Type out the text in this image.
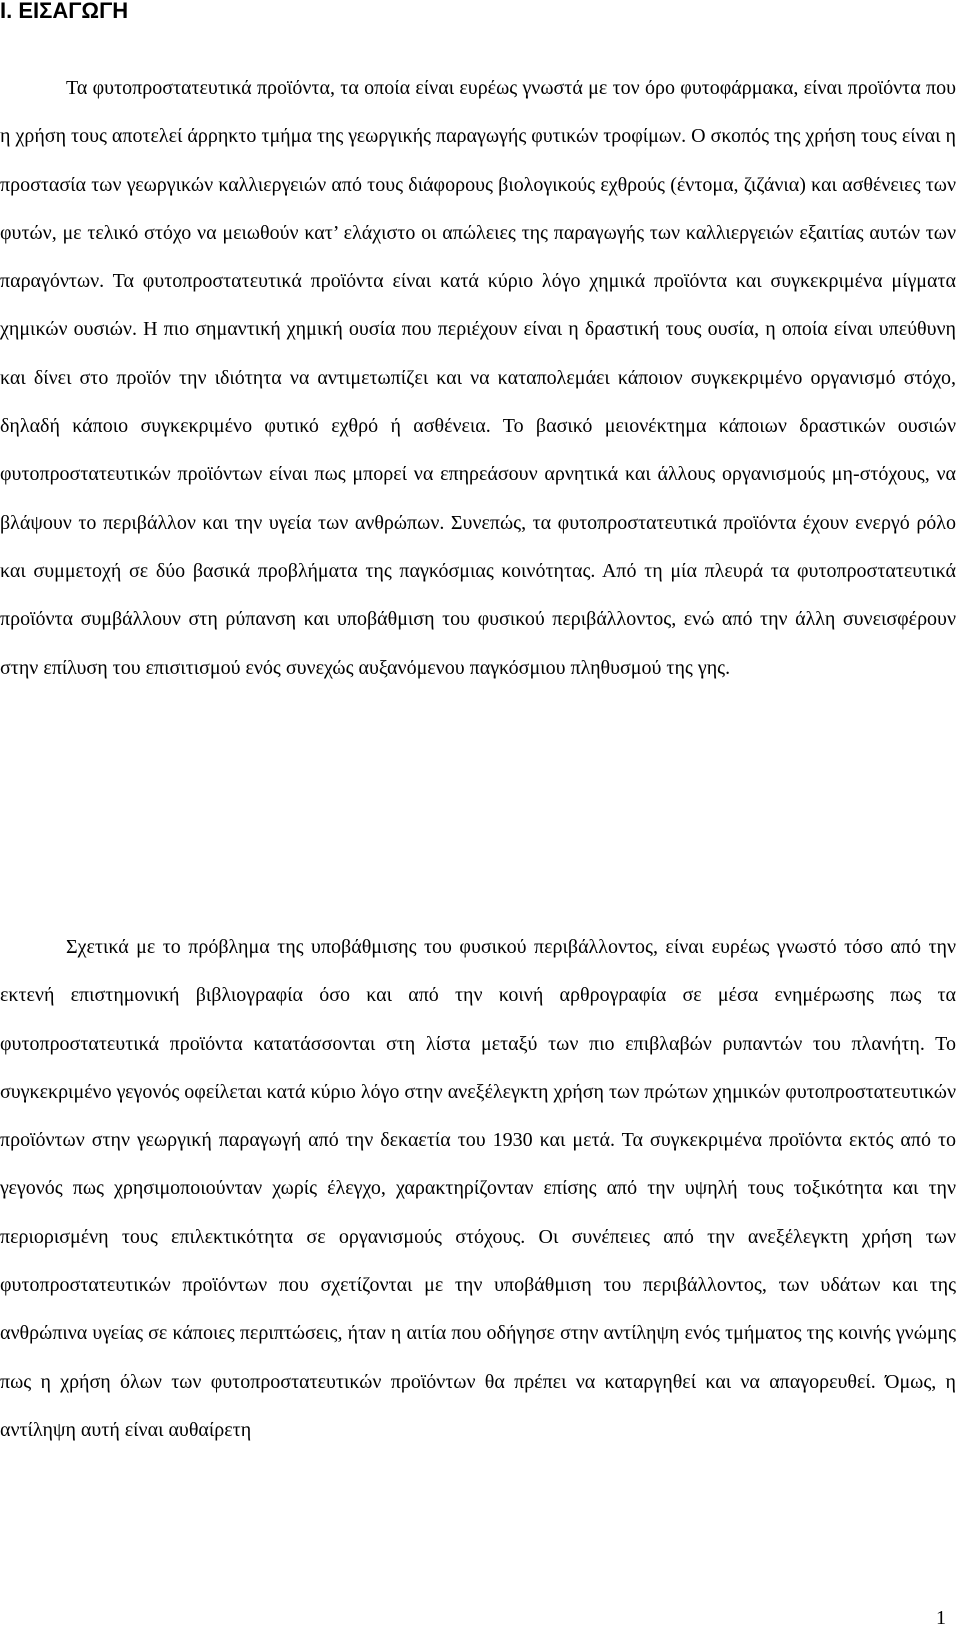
I. ΕΙΣΑΓΩΓΗ

Τα φυτοπροστατευτικά προϊόντα, τα οποία είναι ευρέως γνωστά με τον όρο φυτοφάρμακα, είναι προϊόντα που η χρήση τους αποτελεί άρρηκτο τμήμα της γεωργικής παραγωγής φυτικών τροφίμων. Ο σκοπός της χρήση τους είναι η προστασία των γεωργικών καλλιεργειών από τους διάφορους βιολογικούς εχθρούς (έντομα, ζιζάνια) και ασθένειες των φυτών, με τελικό στόχο να μειωθούν κατ’ ελάχιστο οι απώλειες της παραγωγής των καλλιεργειών εξαιτίας αυτών των παραγόντων. Τα φυτοπροστατευτικά προϊόντα είναι κατά κύριο λόγο χημικά προϊόντα και συγκεκριμένα μίγματα χημικών ουσιών. Η πιο σημαντική χημική ουσία που περιέχουν είναι η δραστική τους ουσία, η οποία είναι υπεύθυνη και δίνει στο προϊόν την ιδιότητα να αντιμετωπίζει και να καταπολεμάει κάποιον συγκεκριμένο οργανισμό στόχο, δηλαδή κάποιο συγκεκριμένο φυτικό εχθρό ή ασθένεια. Το βασικό μειονέκτημα κάποιων δραστικών ουσιών φυτοπροστατευτικών προϊόντων είναι πως μπορεί να επηρεάσουν αρνητικά και άλλους οργανισμούς μη-στόχους, να βλάψουν το περιβάλλον και την υγεία των ανθρώπων. Συνεπώς, τα φυτοπροστατευτικά προϊόντα έχουν ενεργό ρόλο και συμμετοχή σε δύο βασικά προβλήματα της παγκόσμιας κοινότητας. Από τη μία πλευρά τα φυτοπροστατευτικά προϊόντα συμβάλλουν στη ρύπανση και υποβάθμιση του φυσικού περιβάλλοντος, ενώ από την άλλη συνεισφέρουν στην επίλυση του επισιτισμού ενός συνεχώς αυξανόμενου παγκόσμιου πληθυσμού της γης.

Σχετικά με το πρόβλημα της υποβάθμισης του φυσικού περιβάλλοντος, είναι ευρέως γνωστό τόσο από την εκτενή επιστημονική βιβλιογραφία όσο και από την κοινή αρθρογραφία σε μέσα ενημέρωσης πως τα φυτοπροστατευτικά προϊόντα κατατάσσονται στη λίστα μεταξύ των πιο επιβλαβών ρυπαντών του πλανήτη. Το συγκεκριμένο γεγονός οφείλεται κατά κύριο λόγο στην ανεξέλεγκτη χρήση των πρώτων χημικών φυτοπροστατευτικών προϊόντων στην γεωργική παραγωγή από την δεκαετία του 1930 και μετά. Τα συγκεκριμένα προϊόντα εκτός από το γεγονός πως χρησιμοποιούνταν χωρίς έλεγχο, χαρακτηρίζονταν επίσης από την υψηλή τους τοξικότητα και την περιορισμένη τους επιλεκτικότητα σε οργανισμούς στόχους. Οι συνέπειες από την ανεξέλεγκτη χρήση των φυτοπροστατευτικών προϊόντων που σχετίζονται με την υποβάθμιση του περιβάλλοντος, των υδάτων και της ανθρώπινα υγείας σε κάποιες περιπτώσεις, ήταν η αιτία που οδήγησε στην αντίληψη ενός τμήματος της κοινής γνώμης πως η χρήση όλων των φυτοπροστατευτικών προϊόντων θα πρέπει να καταργηθεί και να απαγορευθεί. Όμως, η αντίληψη αυτή είναι αυθαίρετη

1
